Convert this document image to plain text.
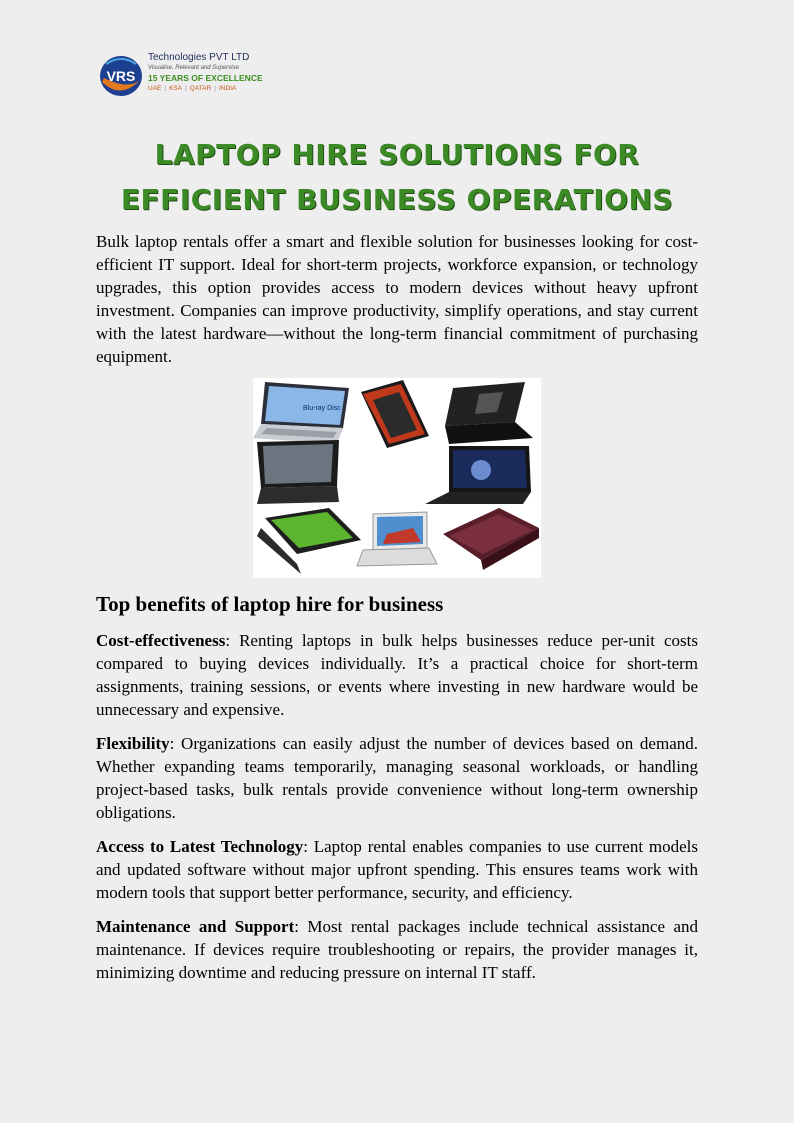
VRS
Technologies PVT LTD
Visualise, Relevant and Supervise
15 YEARS OF EXCELLENCE
UAE | KSA | QATAR | INDIA
LAPTOP HIRE SOLUTIONS FOR EFFICIENT BUSINESS OPERATIONS

Bulk laptop rentals offer a smart and flexible solution for businesses looking for cost-efficient IT support. Ideal for short-term projects, workforce expansion, or technology upgrades, this option provides access to modern devices without heavy upfront investment. Companies can improve productivity, simplify operations, and stay current with the latest hardware—without the long-term financial commitment of purchasing equipment.

Blu-ray Disc
Top benefits of laptop hire for business

Cost-effectiveness: Renting laptops in bulk helps businesses reduce per-unit costs compared to buying devices individually. It’s a practical choice for short-term assignments, training sessions, or events where investing in new hardware would be unnecessary and expensive.

Flexibility: Organizations can easily adjust the number of devices based on demand. Whether expanding teams temporarily, managing seasonal workloads, or handling project-based tasks, bulk rentals provide convenience without long-term ownership obligations.

Access to Latest Technology: Laptop rental enables companies to use current models and updated software without major upfront spending. This ensures teams work with modern tools that support better performance, security, and efficiency.

Maintenance and Support: Most rental packages include technical assistance and maintenance. If devices require troubleshooting or repairs, the provider manages it, minimizing downtime and reducing pressure on internal IT staff.
